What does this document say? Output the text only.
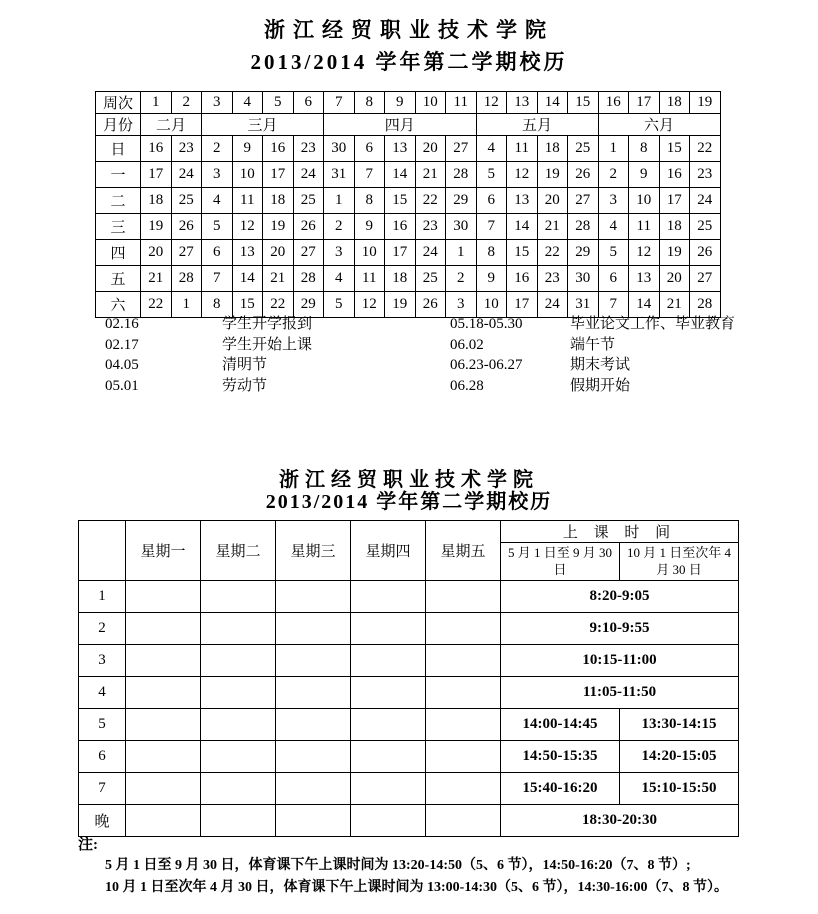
浙江经贸职业技术学院
2013/2014 学年第二学期校历
周次	1	2	3	4	5	6	7	8	9	10	11	12	13	14	15	16	17	18	19
月份	二月		三月				四月					五月				六月			
日	16	23	2	9	16	23	30	6	13	20	27	4	11	18	25	1	8	15	22
一	17	24	3	10	17	24	31	7	14	21	28	5	12	19	26	2	9	16	23
二	18	25	4	11	18	25	1	8	15	22	29	6	13	20	27	3	10	17	24
三	19	26	5	12	19	26	2	9	16	23	30	7	14	21	28	4	11	18	25
四	20	27	6	13	20	27	3	10	17	24	1	8	15	22	29	5	12	19	26
五	21	28	7	14	21	28	4	11	18	25	2	9	16	23	30	6	13	20	27
六	22	1	8	15	22	29	5	12	19	26	3	10	17	24	31	7	14	21	28
02.16	学生开学报到	05.18-05.30	毕业论文工作、毕业教育
02.17	学生开始上课	06.02	端午节
04.05	清明节	06.23-06.27	期末考试
05.01	劳动节	06.28	假期开始
浙江经贸职业技术学院
2013/2014 学年第二学期校历
	星期一	星期二	星期三	星期四	星期五	上 课 时 间	
						5 月 1 日至 9 月 30 日	10 月 1 日至次年 4 月 30 日
1						8:20-9:05	
2						9:10-9:55	
3						10:15-11:00	
4						11:05-11:50	
5						14:00-14:45	13:30-14:15
6						14:50-15:35	14:20-15:05
7						15:40-16:20	15:10-15:50
晚						18:30-20:30	
注:
5 月 1 日至 9 月 30 日，体育课下午上课时间为 13:20-14:50（5、6 节），14:50-16:20（7、8 节）;
10 月 1 日至次年 4 月 30 日，体育课下午上课时间为 13:00-14:30（5、6 节），14:30-16:00（7、8 节）。
